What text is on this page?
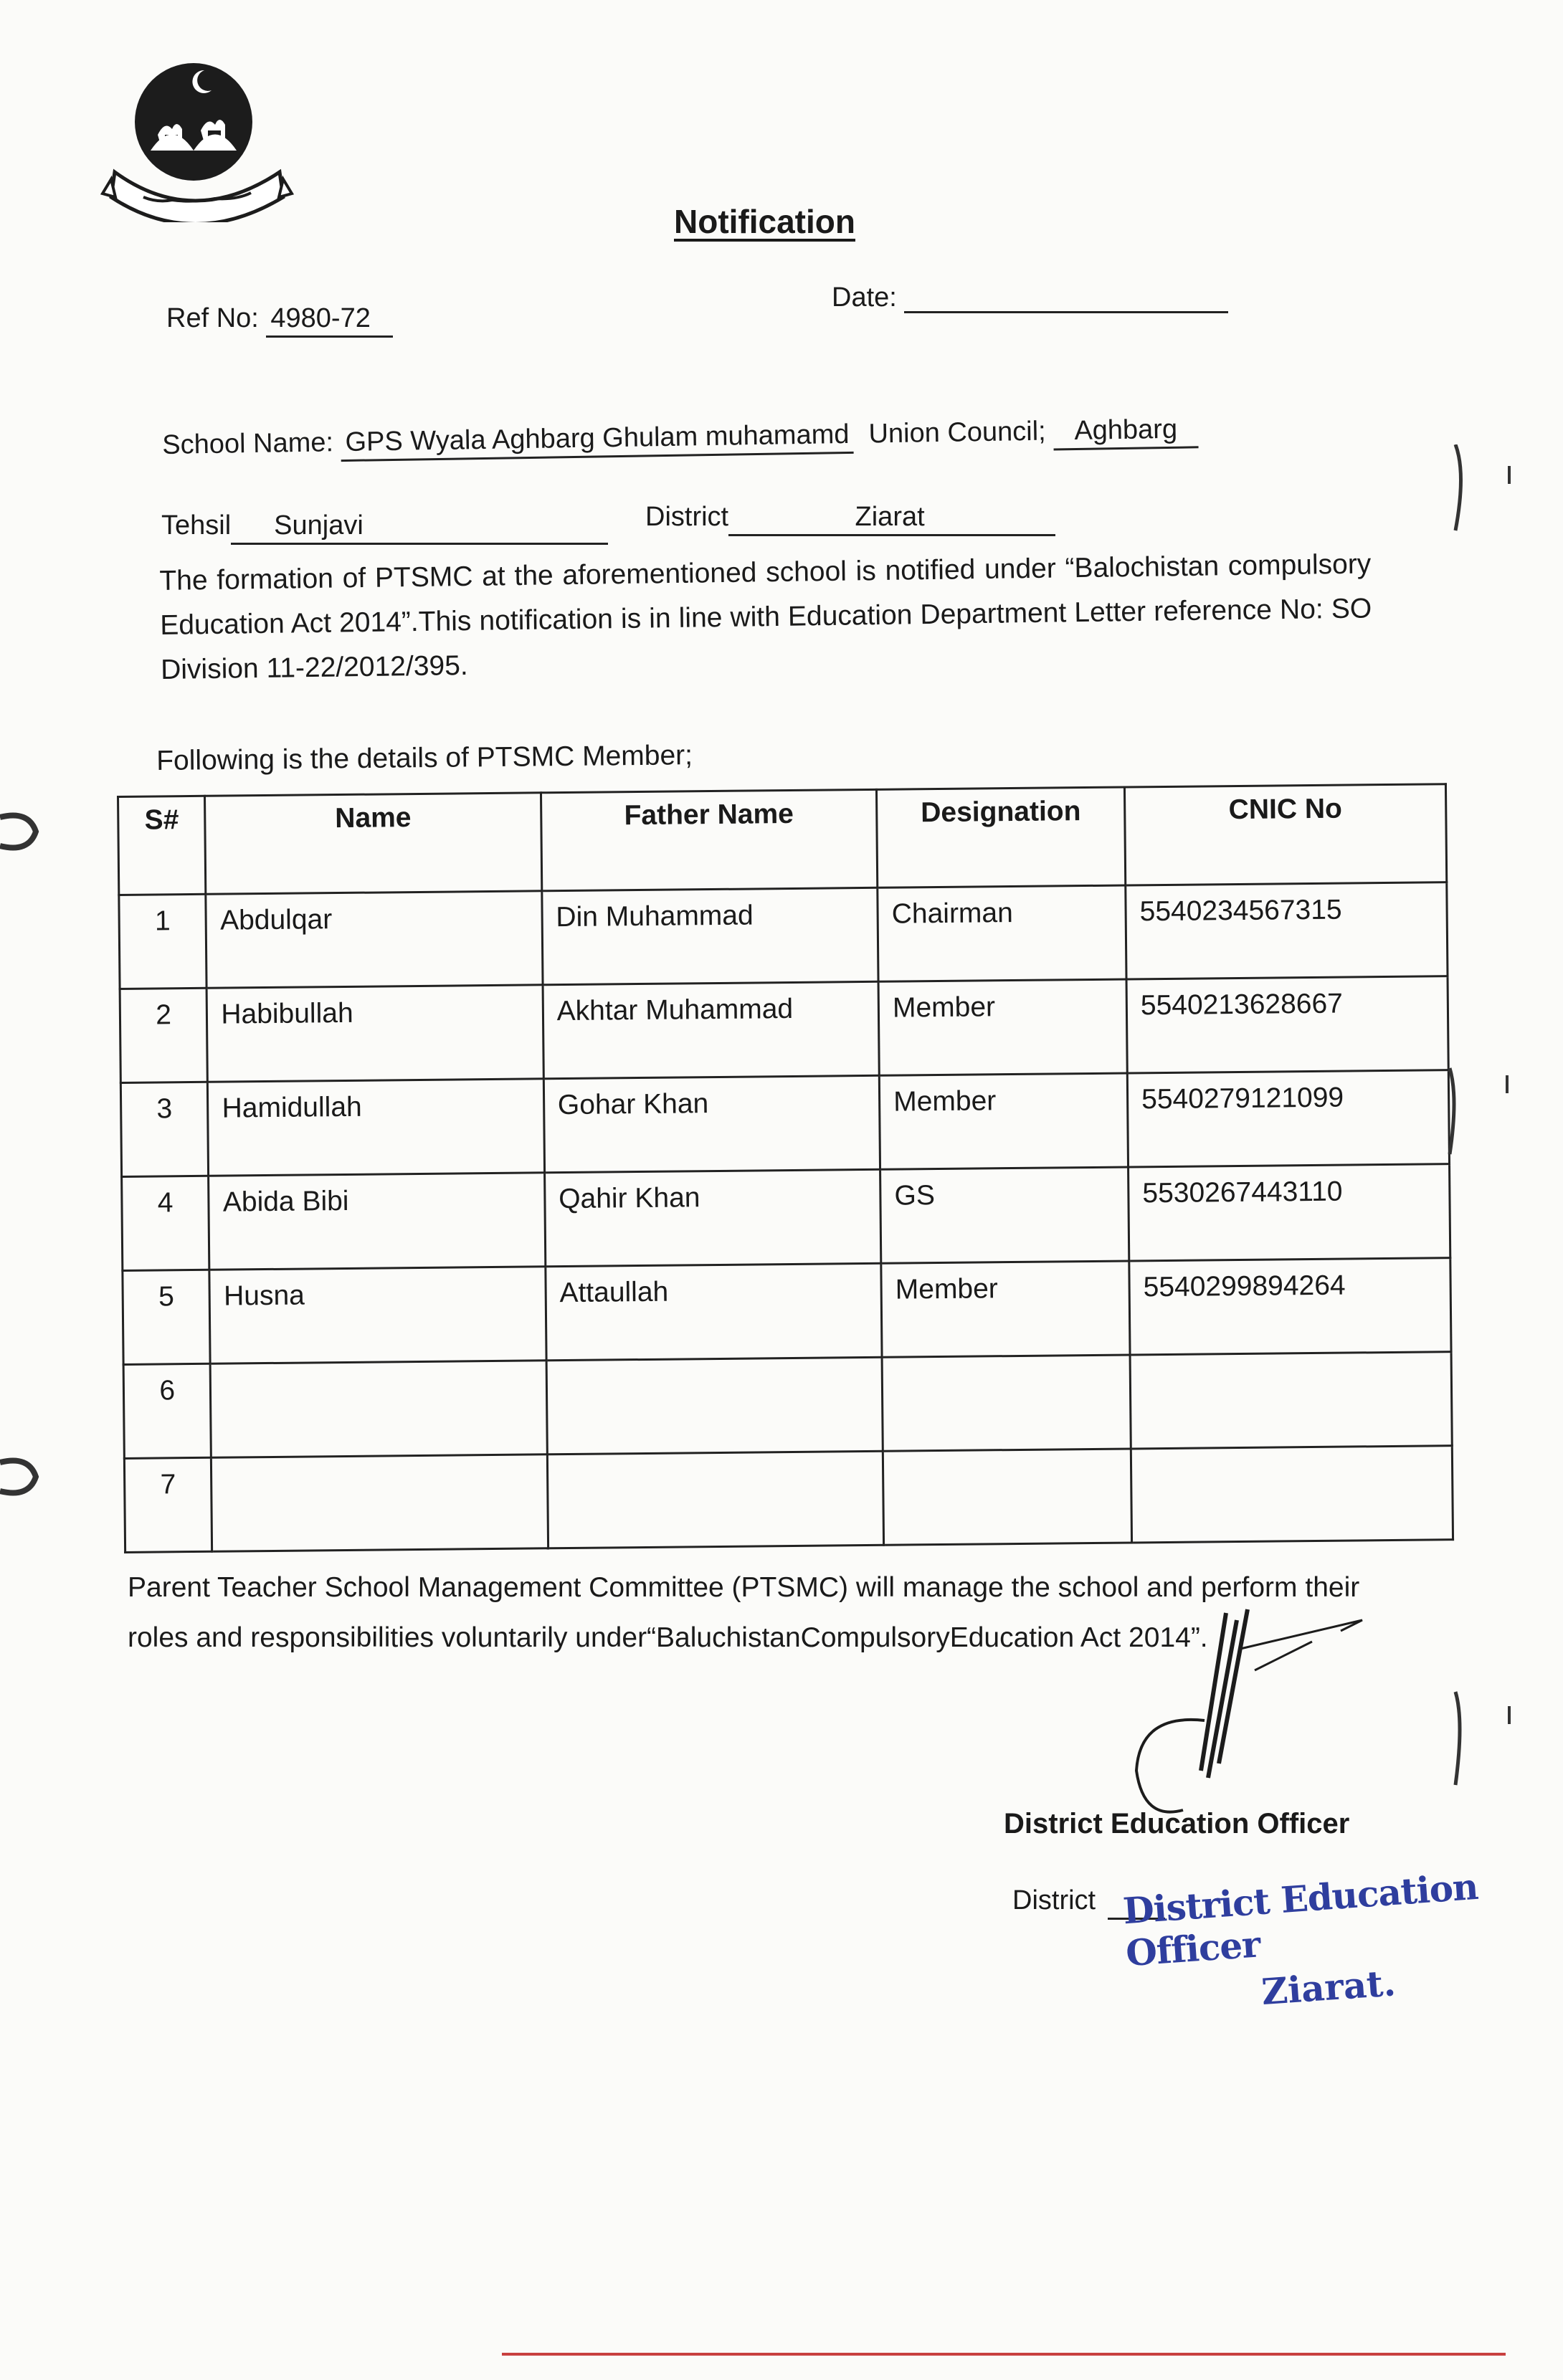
Notification
Ref No: 4980-72
Date:
School Name: GPS Wyala Aghbarg Ghulam muhamamd Union Council; Aghbarg
Tehsil Sunjavi	District	Ziarat
The formation of PTSMC at the aforementioned school is notified under “Balochistan compulsory Education Act 2014”.This notification is in line with Education Department Letter reference No: SO Division 11-22/2012/395.
Following is the details of PTSMC Member;
S#	Name	Father Name	Designation	CNIC No
1	Abdulqar	Din Muhammad	Chairman	5540234567315
2	Habibullah	Akhtar Muhammad	Member	5540213628667
3	Hamidullah	Gohar Khan	Member	5540279121099
4	Abida Bibi	Qahir Khan	GS	5530267443110
5	Husna	Attaullah	Member	5540299894264
6				
7				
Parent Teacher School Management Committee (PTSMC) will manage the school and perform their roles and responsibilities voluntarily under“BaluchistanCompulsoryEducation Act 2014”.
District Education Officer
District District Education Officer
Ziarat.
